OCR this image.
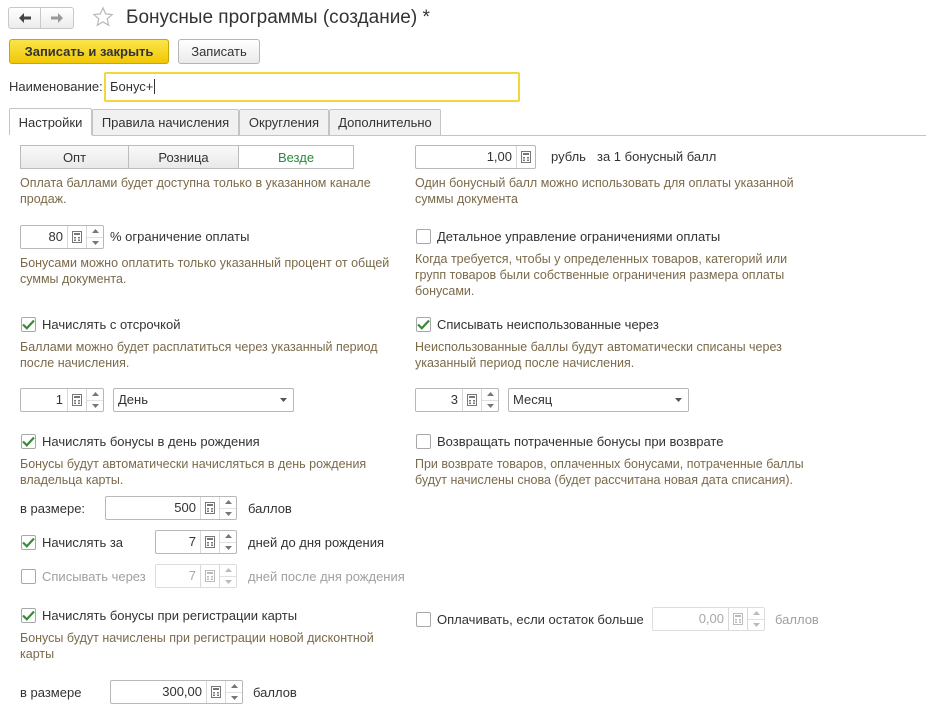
Бонусные программы (создание) *
Записать и закрыть	Записать
Наименование: Бонус+
Настройки	Правила начисления	Округления	Дополнительно
Опт	Розница	Везде
Оплата баллами будет доступна только в указанном канале
продаж.
1,00	рубль за 1 бонусный балл
Один бонусный балл можно использовать для оплаты указанной
суммы документа
80	% ограничение оплаты
Бонусами можно оплатить только указанный процент от общей
суммы документа.
Детальное управление ограничениями оплаты
Когда требуется, чтобы у определенных товаров, категорий или
групп товаров были собственные ограничения размера оплаты
бонусами.
Начислять с отсрочкой
Баллами можно будет расплатиться через указанный период
после начисления.
1	День
Списывать неиспользованные через
Неиспользованные баллы будут автоматически списаны через
указанный период после начисления.
3	Месяц
Начислять бонусы в день рождения
Бонусы будут автоматически начисляться в день рождения
владельца карты.
в размере:	500	баллов
Начислять за	7	дней до дня рождения
Списывать через	7	дней после дня рождения
Возвращать потраченные бонусы при возврате
При возврате товаров, оплаченных бонусами, потраченные баллы
будут начислены снова (будет рассчитана новая дата списания).
Начислять бонусы при регистрации карты
Бонусы будут начислены при регистрации новой дисконтной
карты
в размере	300,00	баллов
Оплачивать, если остаток больше	0,00	баллов
